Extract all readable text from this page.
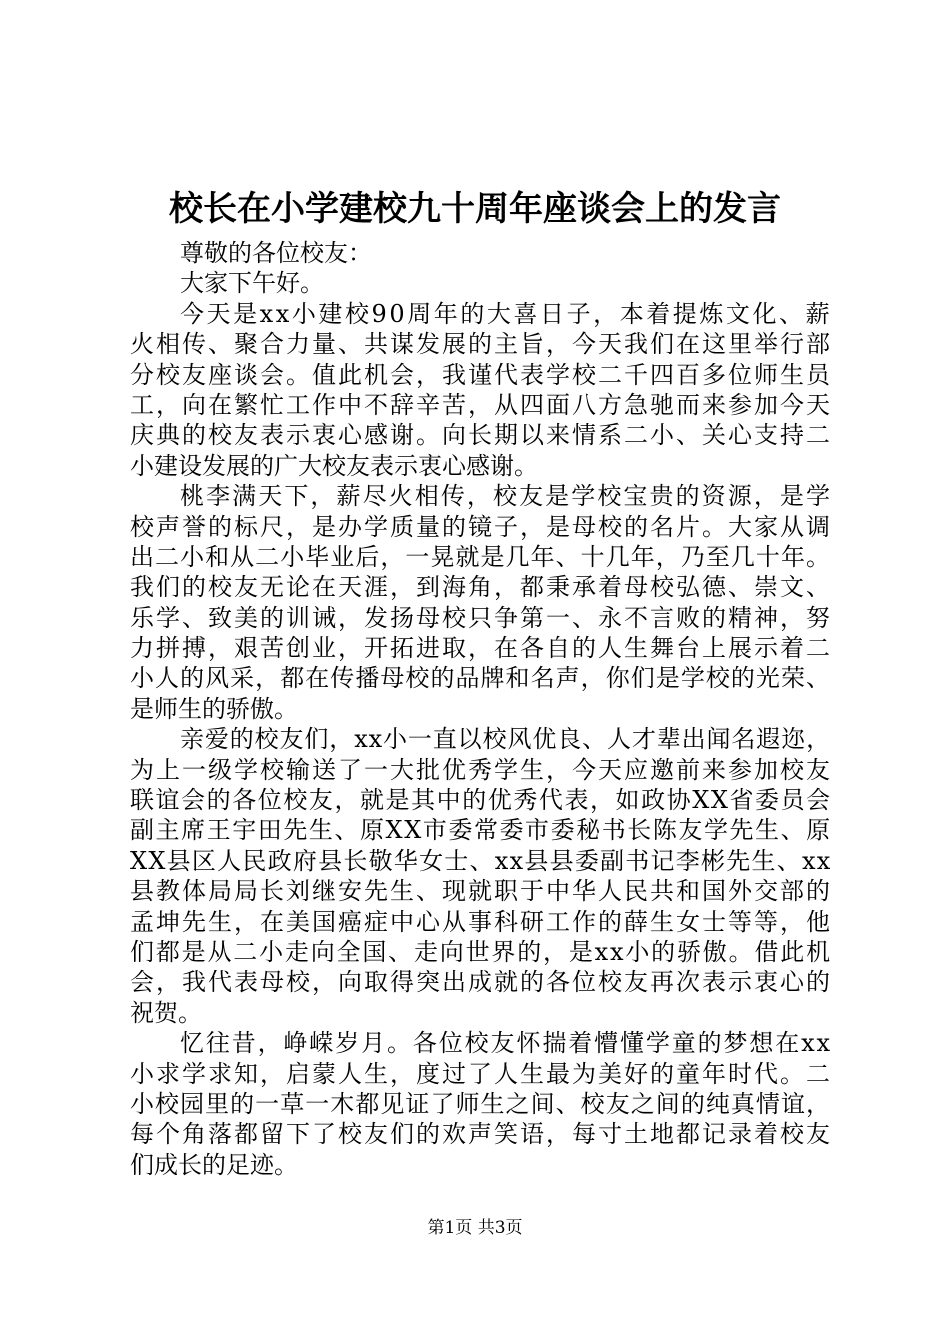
校长在小学建校九十周年座谈会上的发言
尊敬的各位校友：
大家下午好。
今天是xx小建校90周年的大喜日子，本着提炼文化、薪
火相传、聚合力量、共谋发展的主旨，今天我们在这里举行部
分校友座谈会。值此机会，我谨代表学校二千四百多位师生员
工，向在繁忙工作中不辞辛苦，从四面八方急驰而来参加今天
庆典的校友表示衷心感谢。向长期以来情系二小、关心支持二
小建设发展的广大校友表示衷心感谢。
桃李满天下，薪尽火相传，校友是学校宝贵的资源，是学
校声誉的标尺，是办学质量的镜子，是母校的名片。大家从调
出二小和从二小毕业后，一晃就是几年、十几年，乃至几十年。
我们的校友无论在天涯，到海角，都秉承着母校弘德、崇文、
乐学、致美的训诫，发扬母校只争第一、永不言败的精神，努
力拼搏，艰苦创业，开拓进取，在各自的人生舞台上展示着二
小人的风采，都在传播母校的品牌和名声，你们是学校的光荣、
是师生的骄傲。
亲爱的校友们，xx小一直以校风优良、人才辈出闻名遐迩，
为上一级学校输送了一大批优秀学生，今天应邀前来参加校友
联谊会的各位校友，就是其中的优秀代表，如政协XX省委员会
副主席王宇田先生、原XX市委常委市委秘书长陈友学先生、原
XX县区人民政府县长敬华女士、xx县县委副书记李彬先生、xx
县教体局局长刘继安先生、现就职于中华人民共和国外交部的
孟坤先生，在美国癌症中心从事科研工作的薛生女士等等，他
们都是从二小走向全国、走向世界的，是xx小的骄傲。借此机
会，我代表母校，向取得突出成就的各位校友再次表示衷心的
祝贺。
忆往昔，峥嵘岁月。各位校友怀揣着懵懂学童的梦想在xx
小求学求知，启蒙人生，度过了人生最为美好的童年时代。二
小校园里的一草一木都见证了师生之间、校友之间的纯真情谊，
每个角落都留下了校友们的欢声笑语，每寸土地都记录着校友
们成长的足迹。
第1页 共3页
